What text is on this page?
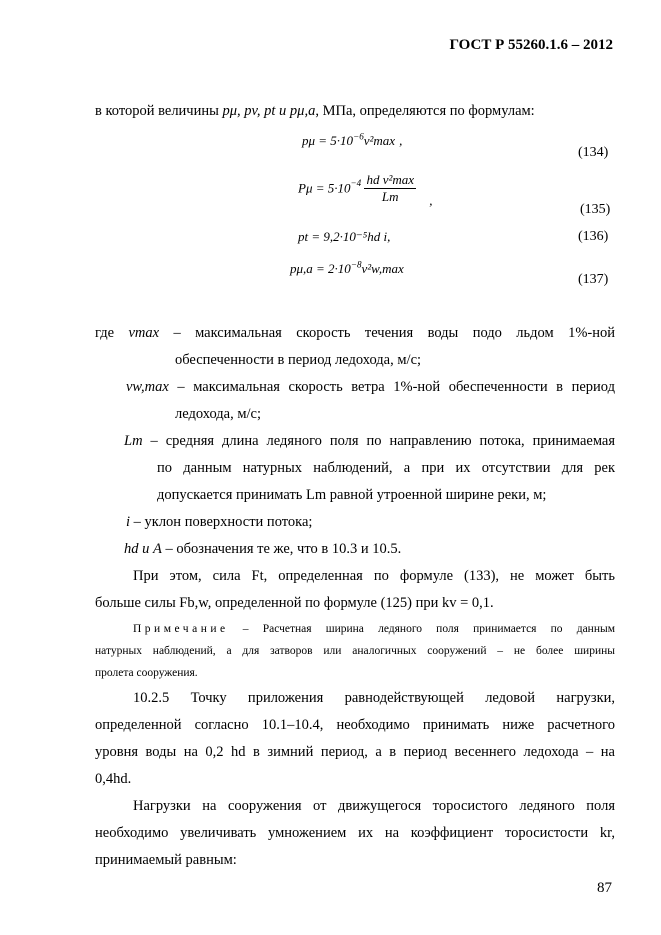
ГОСТ Р 55260.1.6 – 2012
в которой величины pμ, pv, pt и pμ,a, МПа, определяются по формулам:
$p\mu = 5\cdot 10^{-6}v^2\max$ ,
(134)
$P\mu = 5\cdot 10^{-4} \frac{\text{hd v²max}}{Lm}$ ,
(135)
pt = 9,2·10⁻⁵hd i,	(136)
$p\mu,a = 2\cdot 10^{-8}v^2w,\max$
(137)
где vmax – максимальная скорость течения воды подо льдом 1%-ной
обеспеченности в период ледохода, м/с;
vw,max – максимальная скорость ветра 1%-ной обеспеченности в период
ледохода, м/с;
Lm – средняя длина ледяного поля по направлению потока, принимаемая
по данным натурных наблюдений, а при их отсутствии для рек
допускается принимать Lm равной утроенной ширине реки, м;
i – уклон поверхности потока;
hd и A – обозначения те же, что в 10.3 и 10.5.
При этом, сила Ft, определенная по формуле (133), не может быть
больше силы Fb,w, определенной по формуле (125) при kv = 0,1.
Примечание – Расчетная ширина ледяного поля принимается по данным
натурных наблюдений, а для затворов или аналогичных сооружений – не более ширины
пролета сооружения.
10.2.5 Точку приложения равнодействующей ледовой нагрузки,
определенной согласно 10.1–10.4, необходимо принимать ниже расчетного
уровня воды на 0,2 hd в зимний период, а в период весеннего ледохода – на
0,4hd.
Нагрузки на сооружения от движущегося торосистого ледяного поля
необходимо увеличивать умножением их на коэффициент торосистости kr,
принимаемый равным:
87
